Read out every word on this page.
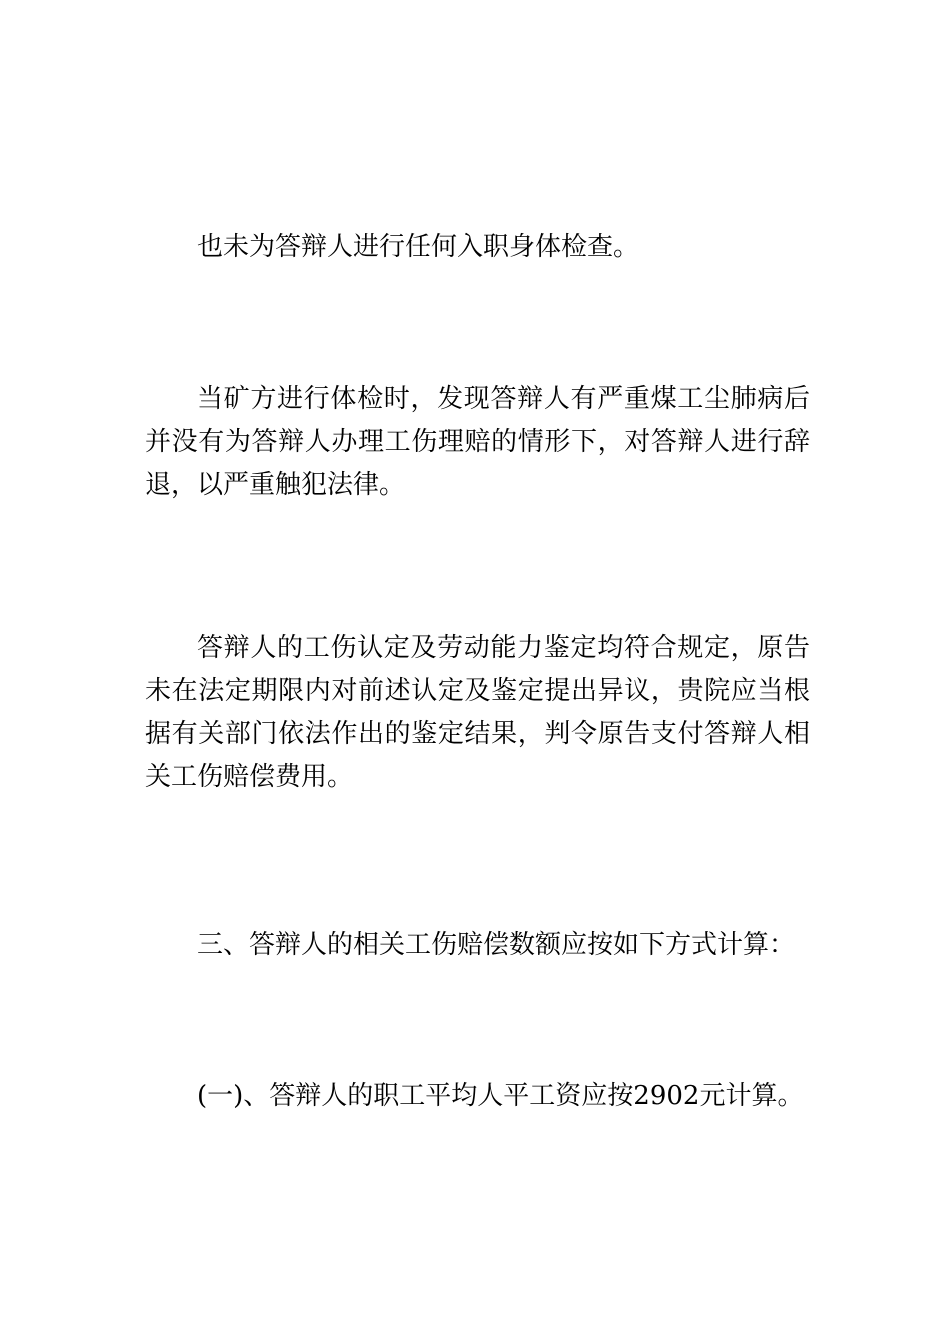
也未为答辩人进行任何入职身体检查。

当矿方进行体检时，发现答辩人有严重煤工尘肺病后并没有为答辩人办理工伤理赔的情形下，对答辩人进行辞退，以严重触犯法律。

答辩人的工伤认定及劳动能力鉴定均符合规定，原告未在法定期限内对前述认定及鉴定提出异议，贵院应当根据有关部门依法作出的鉴定结果，判令原告支付答辩人相关工伤赔偿费用。

三、答辩人的相关工伤赔偿数额应按如下方式计算：

(一)、答辩人的职工平均人平工资应按2902元计算。
